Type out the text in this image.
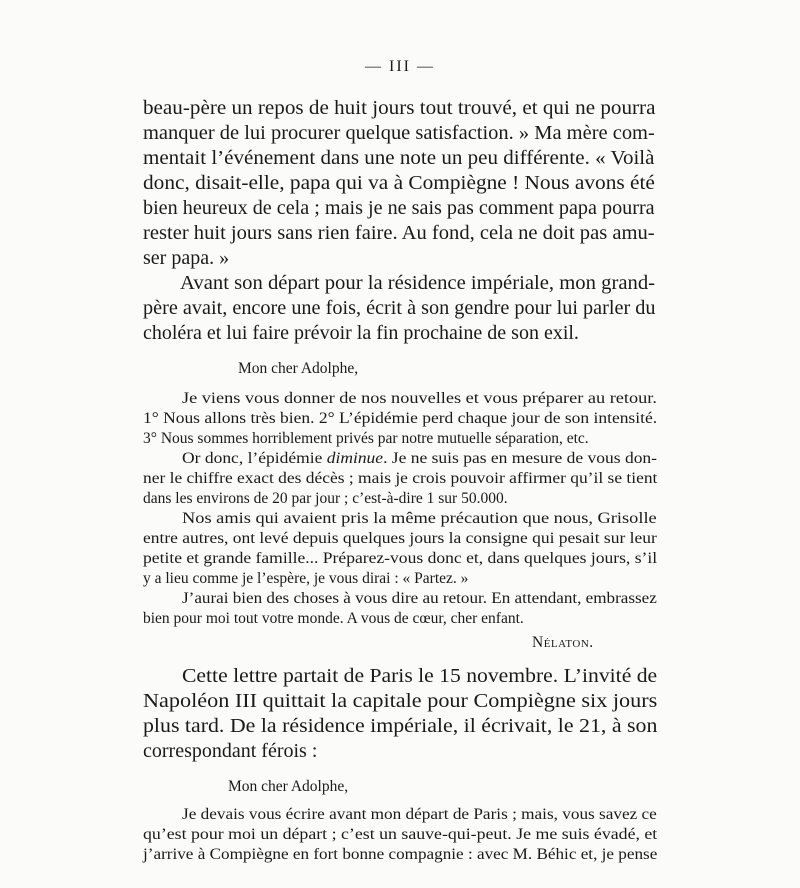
— III —
beau-père un repos de huit jours tout trouvé, et qui ne pourra
manquer de lui procurer quelque satisfaction. » Ma mère com-
mentait l’événement dans une note un peu différente. « Voilà
donc, disait-elle, papa qui va à Compiègne ! Nous avons été
bien heureux de cela ; mais je ne sais pas comment papa pourra
rester huit jours sans rien faire. Au fond, cela ne doit pas amu-
ser papa. »
Avant son départ pour la résidence impériale, mon grand-
père avait, encore une fois, écrit à son gendre pour lui parler du
choléra et lui faire prévoir la fin prochaine de son exil.
Mon cher Adolphe,
Je viens vous donner de nos nouvelles et vous préparer au retour.
1° Nous allons très bien. 2° L’épidémie perd chaque jour de son intensité.
3° Nous sommes horriblement privés par notre mutuelle séparation, etc.
Or donc, l’épidémie diminue. Je ne suis pas en mesure de vous don-
ner le chiffre exact des décès ; mais je crois pouvoir affirmer qu’il se tient
dans les environs de 20 par jour ; c’est-à-dire 1 sur 50.000.
Nos amis qui avaient pris la même précaution que nous, Grisolle
entre autres, ont levé depuis quelques jours la consigne qui pesait sur leur
petite et grande famille... Préparez-vous donc et, dans quelques jours, s’il
y a lieu comme je l’espère, je vous dirai : « Partez. »
J’aurai bien des choses à vous dire au retour. En attendant, embrassez
bien pour moi tout votre monde. A vous de cœur, cher enfant.
Nélaton.
Cette lettre partait de Paris le 15 novembre. L’invité de
Napoléon III quittait la capitale pour Compiègne six jours
plus tard. De la résidence impériale, il écrivait, le 21, à son
correspondant férois :
Mon cher Adolphe,
Je devais vous écrire avant mon départ de Paris ; mais, vous savez ce
qu’est pour moi un départ ; c’est un sauve-qui-peut. Je me suis évadé, et
j’arrive à Compiègne en fort bonne compagnie : avec M. Béhic et, je pense
